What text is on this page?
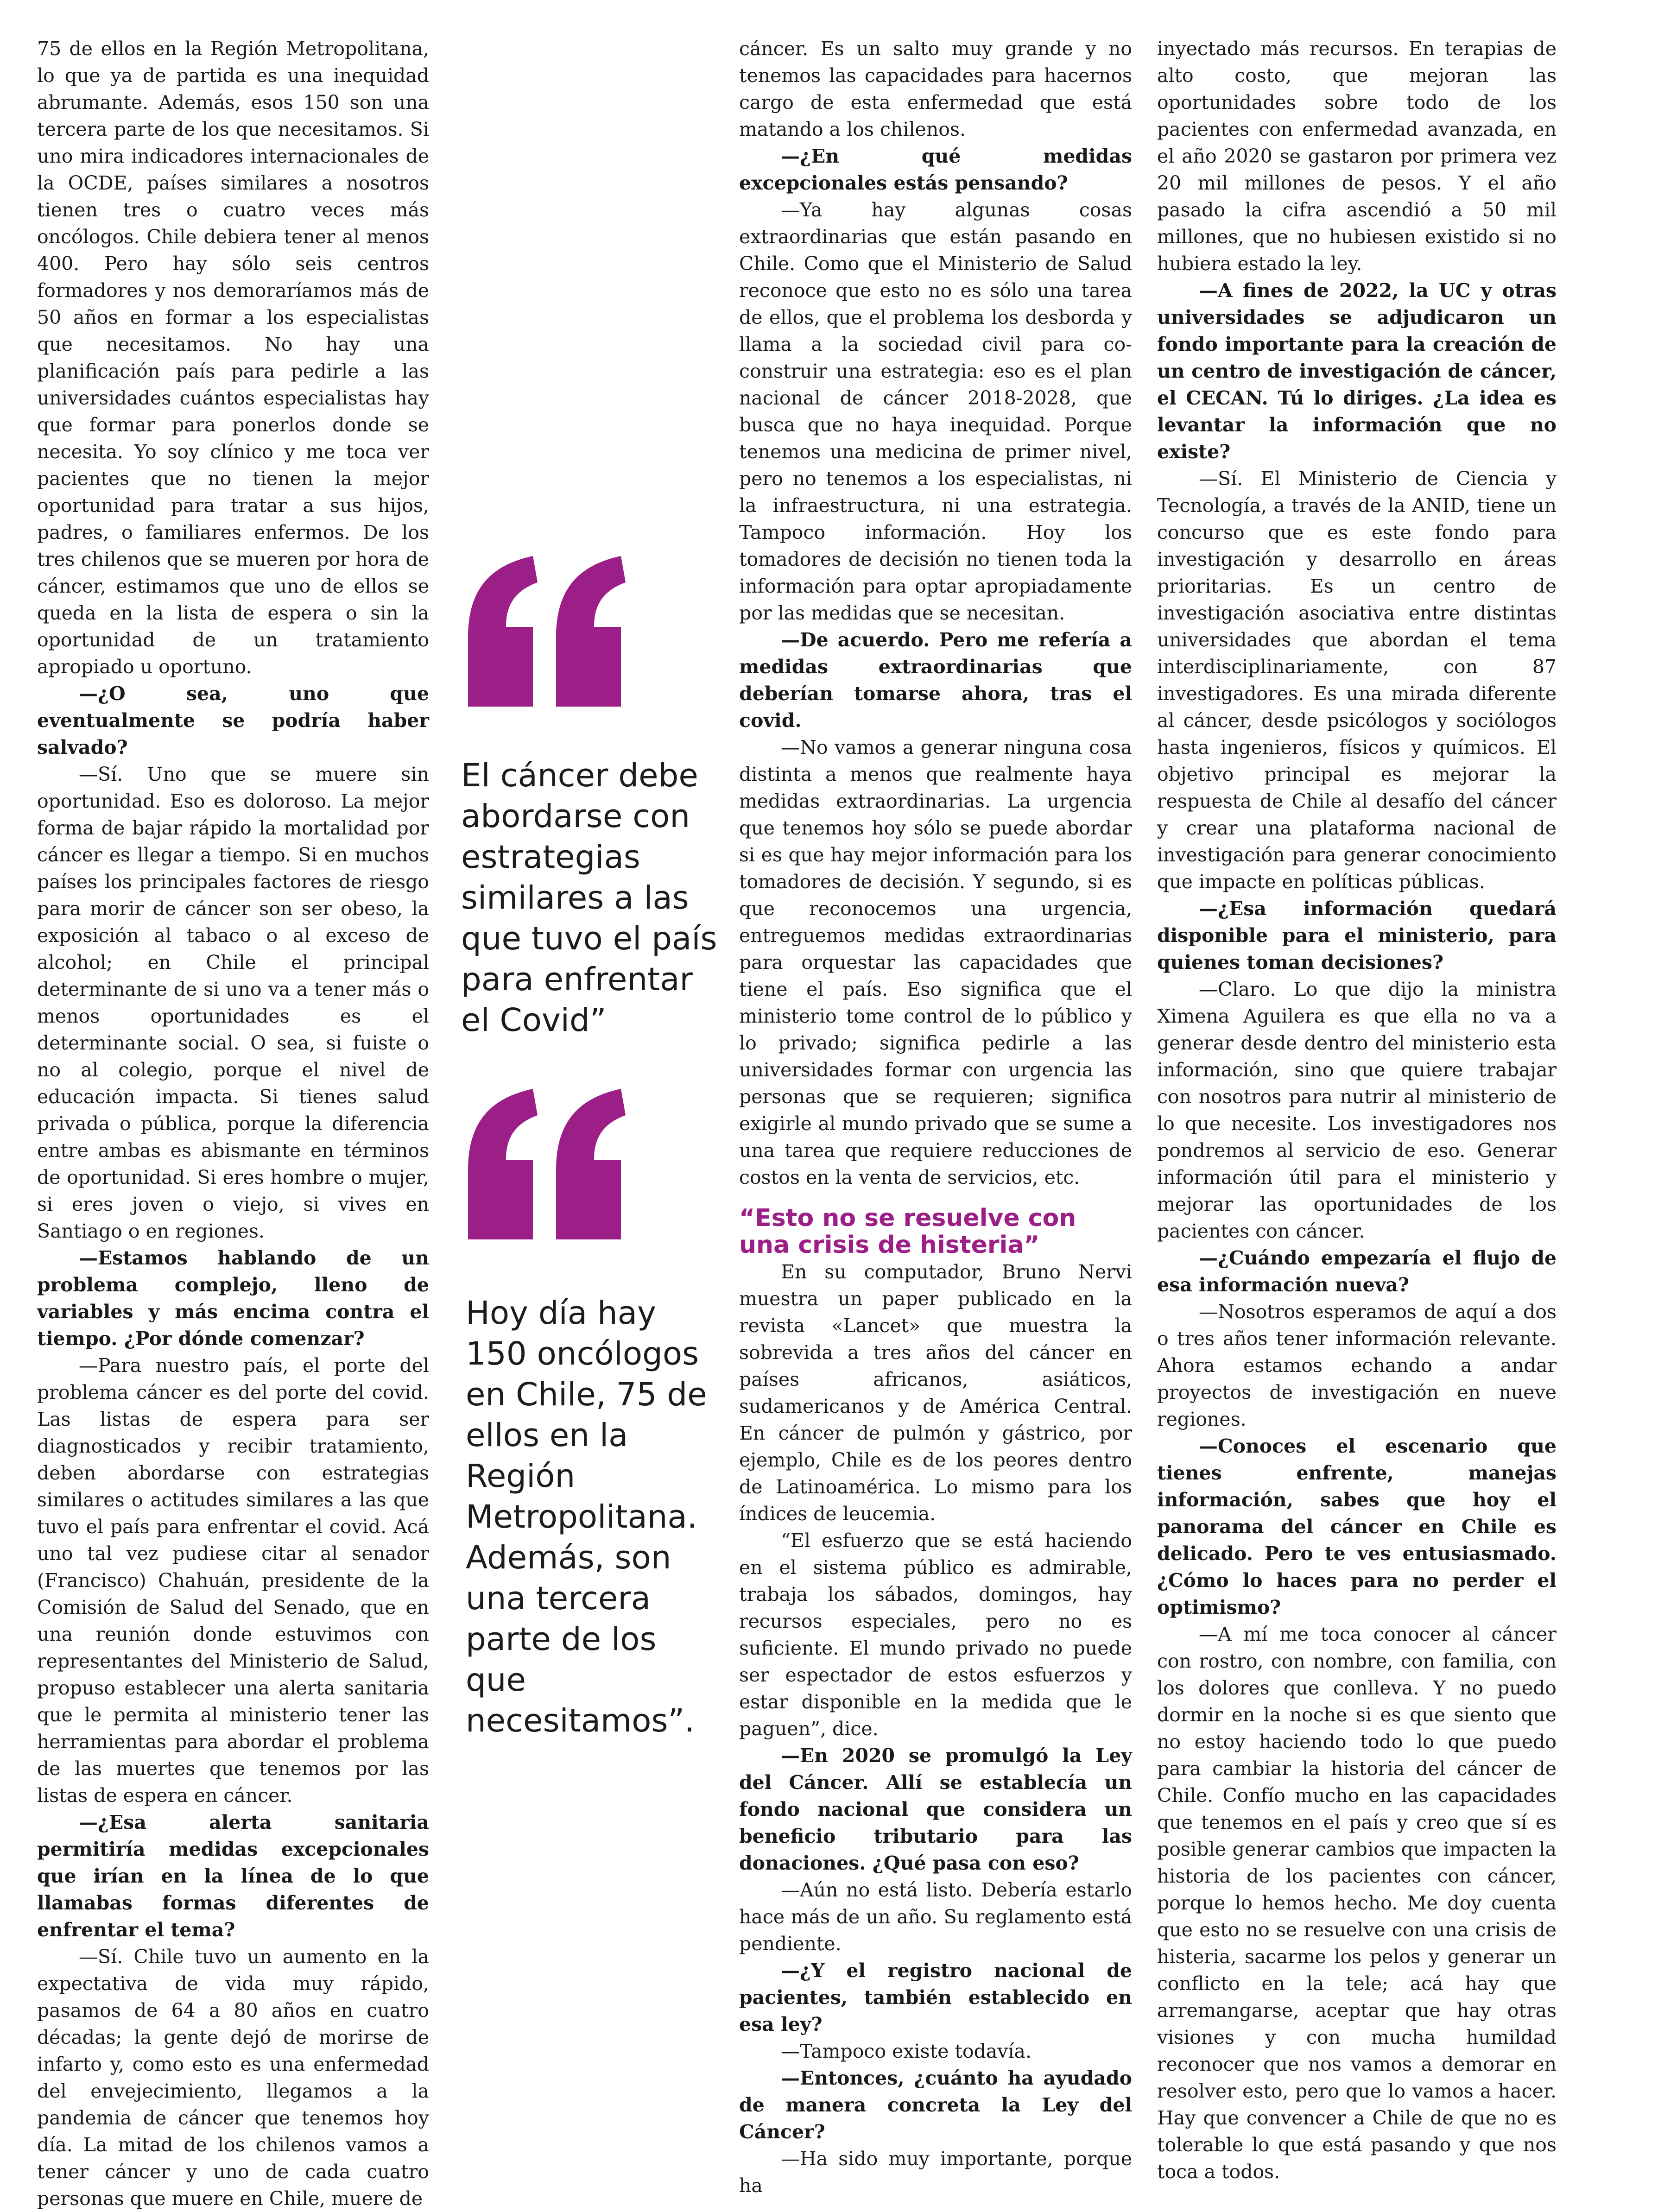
75 de ellos en la Región Metropolitana, lo que ya de partida es una inequidad abrumante. Además, esos 150 son una tercera parte de los que necesitamos. Si uno mira indicadores internacionales de la OCDE, países similares a nosotros tienen tres o cuatro veces más oncólogos. Chile debiera tener al menos 400. Pero hay sólo seis centros formadores y nos demoraríamos más de 50 años en formar a los especialistas que necesitamos. No hay una planificación país para pedirle a las universidades cuántos especialistas hay que formar para ponerlos donde se necesita. Yo soy clínico y me toca ver pacientes que no tienen la mejor oportunidad para tratar a sus hijos, padres, o familiares enfermos. De los tres chilenos que se mueren por hora de cáncer, estimamos que uno de ellos se queda en la lista de espera o sin la oportunidad de un tratamiento apropiado u oportuno.

—¿O sea, uno que eventualmente se podría haber salvado?

—Sí. Uno que se muere sin oportunidad. Eso es doloroso. La mejor forma de bajar rápido la mortalidad por cáncer es llegar a tiempo. Si en muchos países los principales factores de riesgo para morir de cáncer son ser obeso, la exposición al tabaco o al exceso de alcohol; en Chile el principal determinante de si uno va a tener más o menos oportunidades es el determinante social. O sea, si fuiste o no al colegio, porque el nivel de educación impacta. Si tienes salud privada o pública, porque la diferencia entre ambas es abismante en términos de oportunidad. Si eres hombre o mujer, si eres joven o viejo, si vives en Santiago o en regiones.

—Estamos hablando de un problema complejo, lleno de variables y más encima contra el tiempo. ¿Por dónde comenzar?

—Para nuestro país, el porte del problema cáncer es del porte del covid. Las listas de espera para ser diagnosticados y recibir tratamiento, deben abordarse con estrategias similares o actitudes similares a las que tuvo el país para enfrentar el covid. Acá uno tal vez pudiese citar al senador (Francisco) Chahuán, presidente de la Comisión de Salud del Senado, que en una reunión donde estuvimos con representantes del Ministerio de Salud, propuso establecer una alerta sanitaria que le permita al ministerio tener las herramientas para abordar el problema de las muertes que tenemos por las listas de espera en cáncer.

—¿Esa alerta sanitaria permitiría medidas excepcionales que irían en la línea de lo que llamabas formas diferentes de enfrentar el tema?

—Sí. Chile tuvo un aumento en la expectativa de vida muy rápido, pasamos de 64 a 80 años en cuatro décadas; la gente dejó de morirse de infarto y, como esto es una enfermedad del envejecimiento, llegamos a la pandemia de cáncer que tenemos hoy día. La mitad de los chilenos vamos a tener cáncer y uno de cada cuatro personas que muere en Chile, muere de

El cáncer debe abordarse con estrategias similares a las que tuvo el país para enfrentar el Covid”
Hoy día hay 150 oncólogos en Chile, 75 de ellos en la Región Metropolitana. Además, son una tercera parte de los que necesitamos”.

cáncer. Es un salto muy grande y no tenemos las capacidades para hacernos cargo de esta enfermedad que está matando a los chilenos.

—¿En qué medidas excepcionales estás pensando?

—Ya hay algunas cosas extraordinarias que están pasando en Chile. Como que el Ministerio de Salud reconoce que esto no es sólo una tarea de ellos, que el problema los desborda y llama a la sociedad civil para co-construir una estrategia: eso es el plan nacional de cáncer 2018-2028, que busca que no haya inequidad. Porque tenemos una medicina de primer nivel, pero no tenemos a los especialistas, ni la infraestructura, ni una estrategia. Tampoco información. Hoy los tomadores de decisión no tienen toda la información para optar apropiadamente por las medidas que se necesitan.

—De acuerdo. Pero me refería a medidas extraordinarias que deberían tomarse ahora, tras el covid.

—No vamos a generar ninguna cosa distinta a menos que realmente haya medidas extraordinarias. La urgencia que tenemos hoy sólo se puede abordar si es que hay mejor información para los tomadores de decisión. Y segundo, si es que reconocemos una urgencia, entreguemos medidas extraordinarias para orquestar las capacidades que tiene el país. Eso significa que el ministerio tome control de lo público y lo privado; significa pedirle a las universidades formar con urgencia las personas que se requieren; significa exigirle al mundo privado que se sume a una tarea que requiere reducciones de costos en la venta de servicios, etc.

“Esto no se resuelve con una crisis de histeria”

En su computador, Bruno Nervi muestra un paper publicado en la revista «Lancet» que muestra la sobrevida a tres años del cáncer en países africanos, asiáticos, sudamericanos y de América Central. En cáncer de pulmón y gástrico, por ejemplo, Chile es de los peores dentro de Latinoamérica. Lo mismo para los índices de leucemia.

“El esfuerzo que se está haciendo en el sistema público es admirable, trabaja los sábados, domingos, hay recursos especiales, pero no es suficiente. El mundo privado no puede ser espectador de estos esfuerzos y estar disponible en la medida que le paguen”, dice.

—En 2020 se promulgó la Ley del Cáncer. Allí se establecía un fondo nacional que considera un beneficio tributario para las donaciones. ¿Qué pasa con eso?

—Aún no está listo. Debería estarlo hace más de un año. Su reglamento está pendiente.

—¿Y el registro nacional de pacientes, también establecido en esa ley?

—Tampoco existe todavía.

—Entonces, ¿cuánto ha ayudado de manera concreta la Ley del Cáncer?

—Ha sido muy importante, porque ha

inyectado más recursos. En terapias de alto costo, que mejoran las oportunidades sobre todo de los pacientes con enfermedad avanzada, en el año 2020 se gastaron por primera vez 20 mil millones de pesos. Y el año pasado la cifra ascendió a 50 mil millones, que no hubiesen existido si no hubiera estado la ley.

—A fines de 2022, la UC y otras universidades se adjudicaron un fondo importante para la creación de un centro de investigación de cáncer, el CECAN. Tú lo diriges. ¿La idea es levantar la información que no existe?

—Sí. El Ministerio de Ciencia y Tecnología, a través de la ANID, tiene un concurso que es este fondo para investigación y desarrollo en áreas prioritarias. Es un centro de investigación asociativa entre distintas universidades que abordan el tema interdisciplinariamente, con 87 investigadores. Es una mirada diferente al cáncer, desde psicólogos y sociólogos hasta ingenieros, físicos y químicos. El objetivo principal es mejorar la respuesta de Chile al desafío del cáncer y crear una plataforma nacional de investigación para generar conocimiento que impacte en políticas públicas.

—¿Esa información quedará disponible para el ministerio, para quienes toman decisiones?

—Claro. Lo que dijo la ministra Ximena Aguilera es que ella no va a generar desde dentro del ministerio esta información, sino que quiere trabajar con nosotros para nutrir al ministerio de lo que necesite. Los investigadores nos pondremos al servicio de eso. Generar información útil para el ministerio y mejorar las oportunidades de los pacientes con cáncer.

—¿Cuándo empezaría el flujo de esa información nueva?

—Nosotros esperamos de aquí a dos o tres años tener información relevante. Ahora estamos echando a andar proyectos de investigación en nueve regiones.

—Conoces el escenario que tienes enfrente, manejas información, sabes que hoy el panorama del cáncer en Chile es delicado. Pero te ves entusiasmado. ¿Cómo lo haces para no perder el optimismo?

—A mí me toca conocer al cáncer con rostro, con nombre, con familia, con los dolores que conlleva. Y no puedo dormir en la noche si es que siento que no estoy haciendo todo lo que puedo para cambiar la historia del cáncer de Chile. Confío mucho en las capacidades que tenemos en el país y creo que sí es posible generar cambios que impacten la historia de los pacientes con cáncer, porque lo hemos hecho. Me doy cuenta que esto no se resuelve con una crisis de histeria, sacarme los pelos y generar un conflicto en la tele; acá hay que arremangarse, aceptar que hay otras visiones y con mucha humildad reconocer que nos vamos a demorar en resolver esto, pero que lo vamos a hacer. Hay que convencer a Chile de que no es tolerable lo que está pasando y que nos toca a todos.
